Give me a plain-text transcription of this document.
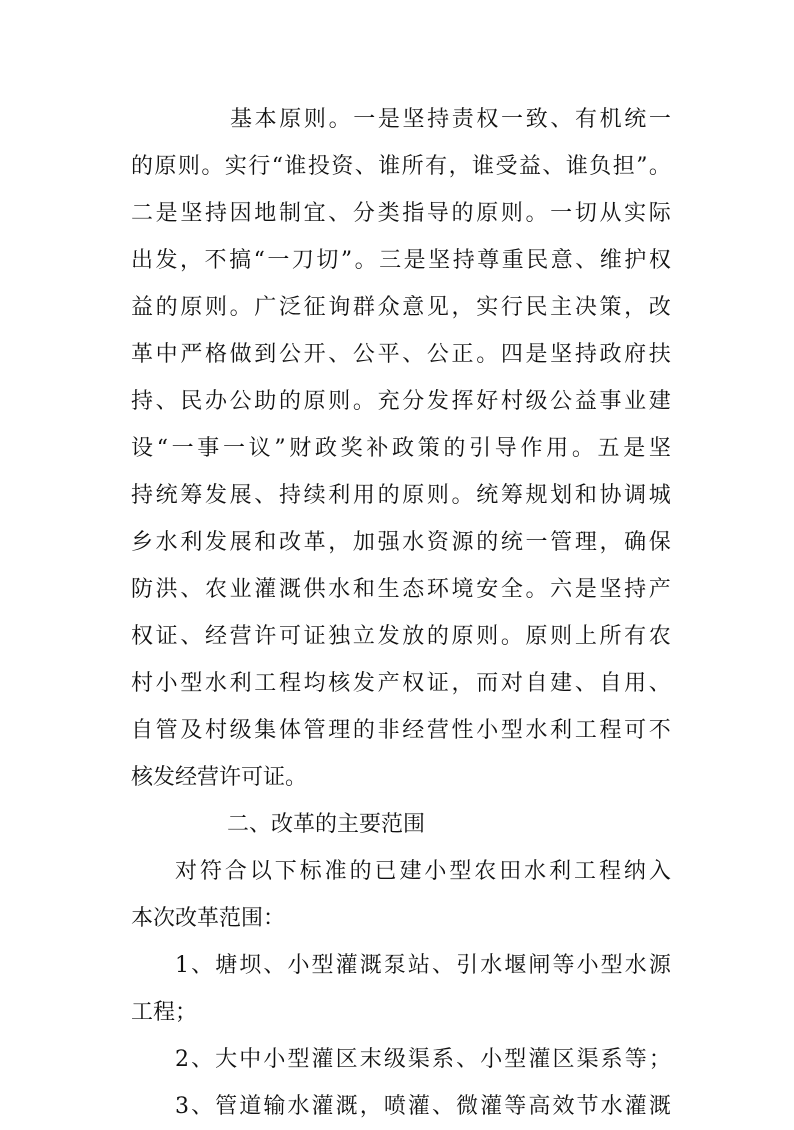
基 本 原 则 。 一 是 坚 持 责 权 一 致 、 有 机 统 一
的 原 则 。 实 行 “ 谁 投 资 、 谁 所 有 ， 谁 受 益 、 谁 负 担 ” 。
二 是 坚 持 因 地 制 宜 、 分 类 指 导 的 原 则 。 一 切 从 实 际
出 发 ， 不 搞 “ 一 刀 切 ” 。 三 是 坚 持 尊 重 民 意 、 维 护 权
益 的 原 则 。 广 泛 征 询 群 众 意 见 ， 实 行 民 主 决 策 ， 改
革 中 严 格 做 到 公 开 、 公 平 、 公 正 。 四 是 坚 持 政 府 扶
持 、 民 办 公 助 的 原 则 。 充 分 发 挥 好 村 级 公 益 事 业 建
设 “ 一 事 一 议 ” 财 政 奖 补 政 策 的 引 导 作 用 。 五 是 坚
持 统 筹 发 展 、 持 续 利 用 的 原 则 。 统 筹 规 划 和 协 调 城
乡 水 利 发 展 和 改 革 ， 加 强 水 资 源 的 统 一 管 理 ， 确 保
防 洪 、 农 业 灌 溉 供 水 和 生 态 环 境 安 全 。 六 是 坚 持 产
权 证 、 经 营 许 可 证 独 立 发 放 的 原 则 。 原 则 上 所 有 农
村 小 型 水 利 工 程 均 核 发 产 权 证 ， 而 对 自 建 、 自 用 、
自 管 及 村 级 集 体 管 理 的 非 经 营 性 小 型 水 利 工 程 可 不
核发经营许可证。
二、改革的主要范围
对 符 合 以 下 标 准 的 已 建 小 型 农 田 水 利 工 程 纳 入
本次改革范围：
1 、 塘 坝 、 小 型 灌 溉 泵 站 、 引 水 堰 闸 等 小 型 水 源
工程；
2 、 大 中 小 型 灌 区 末 级 渠 系 、 小 型 灌 区 渠 系 等 ；
3 、 管 道 输 水 灌 溉 ， 喷 灌 、 微 灌 等 高 效 节 水 灌 溉
